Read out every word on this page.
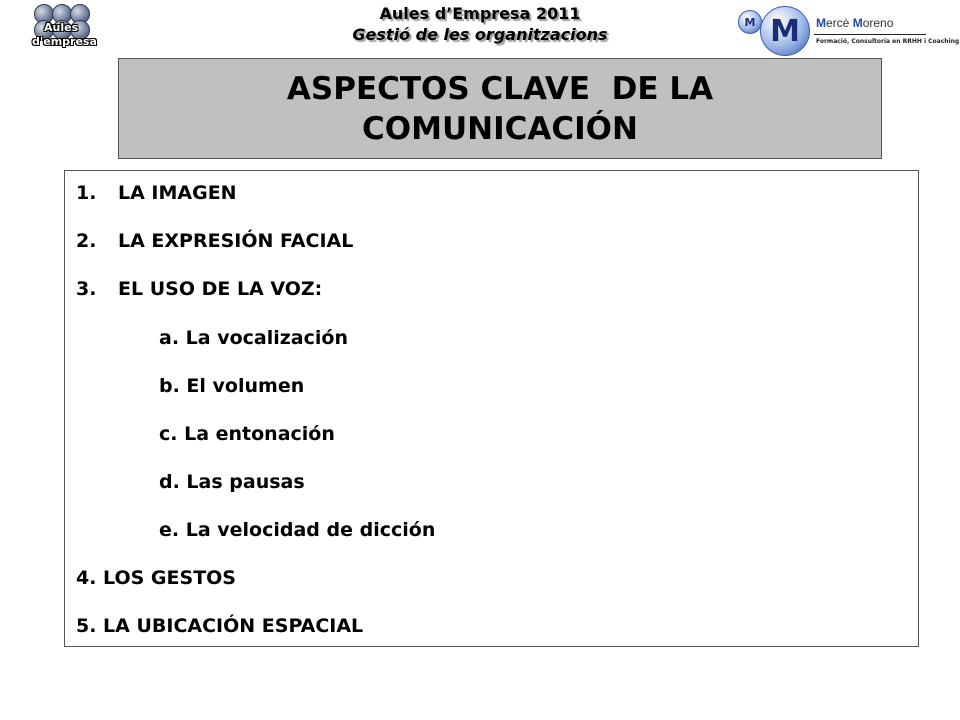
Aules
d'empresa
Aules d’Empresa 2011
Gestió de les organitzacions
M M	Mercè Moreno
Formació, Consultoria en RRHH i Coaching
ASPECTOS CLAVE  DE LA
COMUNICACIÓN
1. LA IMAGEN
2. LA EXPRESIÓN FACIAL
3. EL USO DE LA VOZ:
a. La vocalización
b. El volumen
c. La entonación
d. Las pausas
e. La velocidad de dicción
4. LOS GESTOS
5. LA UBICACIÓN ESPACIAL
